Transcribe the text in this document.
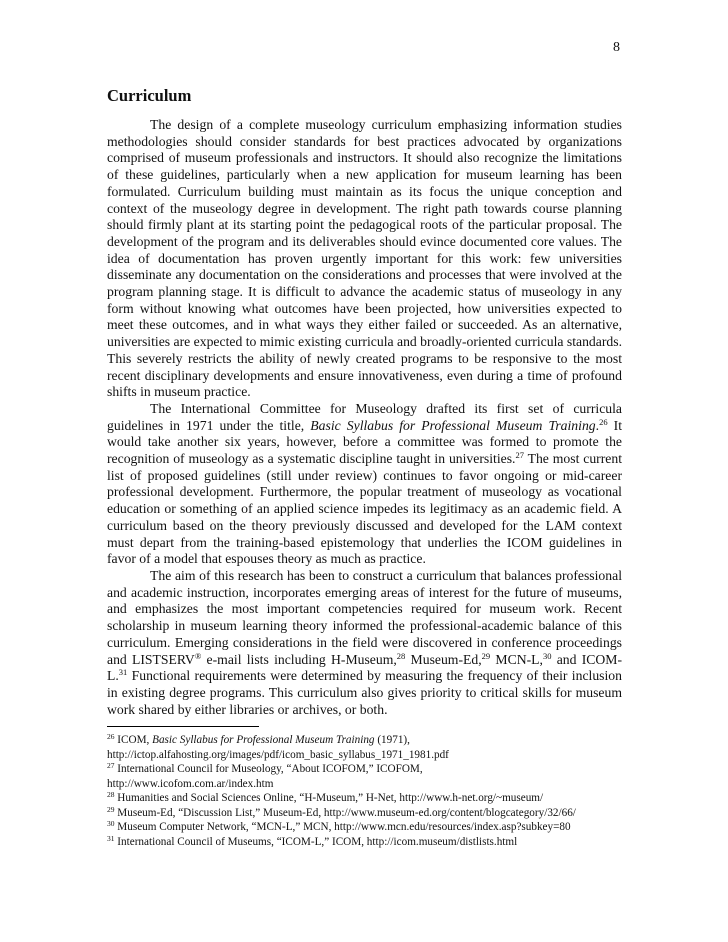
8
Curriculum

The design of a complete museology curriculum emphasizing information studies methodologies should consider standards for best practices advocated by organizations comprised of museum professionals and instructors. It should also recognize the limitations of these guidelines, particularly when a new application for museum learning has been formulated. Curriculum building must maintain as its focus the unique conception and context of the museology degree in development. The right path towards course planning should firmly plant at its starting point the pedagogical roots of the particular proposal. The development of the program and its deliverables should evince documented core values. The idea of documentation has proven urgently important for this work: few universities disseminate any documentation on the considerations and processes that were involved at the program planning stage. It is difficult to advance the academic status of museology in any form without knowing what outcomes have been projected, how universities expected to meet these outcomes, and in what ways they either failed or succeeded. As an alternative, universities are expected to mimic existing curricula and broadly-oriented curricula standards. This severely restricts the ability of newly created programs to be responsive to the most recent disciplinary developments and ensure innovativeness, even during a time of profound shifts in museum practice.

The International Committee for Museology drafted its first set of curricula guidelines in 1971 under the title, Basic Syllabus for Professional Museum Training.$^{26}$ It would take another six years, however, before a committee was formed to promote the recognition of museology as a systematic discipline taught in universities.$^{27}$ The most current list of proposed guidelines (still under review) continues to favor ongoing or mid-career professional development. Furthermore, the popular treatment of museology as vocational education or something of an applied science impedes its legitimacy as an academic field. A curriculum based on the theory previously discussed and developed for the LAM context must depart from the training-based epistemology that underlies the ICOM guidelines in favor of a model that espouses theory as much as practice.

The aim of this research has been to construct a curriculum that balances professional and academic instruction, incorporates emerging areas of interest for the future of museums, and emphasizes the most important competencies required for museum work. Recent scholarship in museum learning theory informed the professional-academic balance of this curriculum. Emerging considerations in the field were discovered in conference proceedings and LISTSERV® e-mail lists including H-Museum,$^{28}$ Museum-Ed,$^{29}$ MCN-L,$^{30}$ and ICOM-L.$^{31}$ Functional requirements were determined by measuring the frequency of their inclusion in existing degree programs. This curriculum also gives priority to critical skills for museum work shared by either libraries or archives, or both.

$^{26}$ ICOM, Basic Syllabus for Professional Museum Training (1971),
http://ictop.alfahosting.org/images/pdf/icom_basic_syllabus_1971_1981.pdf

$^{27}$ International Council for Museology, “About ICOFOM,” ICOFOM,
http://www.icofom.com.ar/index.htm

$^{28}$ Humanities and Social Sciences Online, “H-Museum,” H-Net, http://www.h-net.org/~museum/

$^{29}$ Museum-Ed, “Discussion List,” Museum-Ed, http://www.museum-ed.org/content/blogcategory/32/66/

$^{30}$ Museum Computer Network, “MCN-L,” MCN, http://www.mcn.edu/resources/index.asp?subkey=80

$^{31}$ International Council of Museums, “ICOM-L,” ICOM, http://icom.museum/distlists.html
